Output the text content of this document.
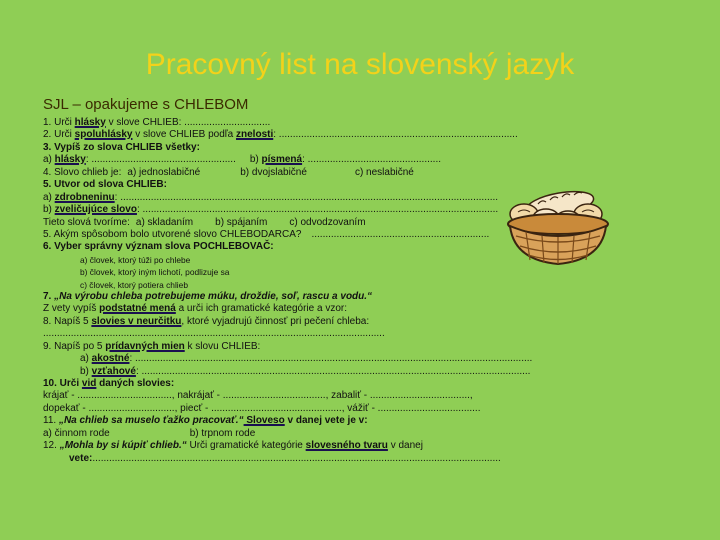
Pracovný list na slovenský jazyk
SJL – opakujeme s CHLEBOM
1. Urči hlásky v slove CHLIEB: ...............................
2. Urči spoluhlásky v slove CHLIEB podľa znelosti: ......................................................................................
3. Vypíš zo slova CHLIEB všetky:
a) hlásky: .................................................... b) písmená: ................................................
4. Slovo chlieb je: a) jednoslabičné	b) dvojslabičné	c) neslabičné
5. Utvor od slova CHLIEB:
a) zdrobneninu: ........................................................................................................................................
b) zveličujúce slovo: ................................................................................................................................
Tieto slová tvoríme: a) skladaním b) spájaním c) odvodzovaním
5. Akým spôsobom bolo utvorené slovo CHLEBODARCA? ................................................................
6. Vyber správny význam slova POCHLEBOVAČ:
a) človek, ktorý túži po chlebe
b) človek, ktorý iným lichotí, podlizuje sa
c) človek, ktorý potiera chlieb
7. „Na výrobu chleba potrebujeme múku, droždie, soľ, rascu a vodu.“
Z vety vypíš podstatné mená a urči ich gramatické kategórie a vzor:
8. Napíš 5 slovies v neurčitku, ktoré vyjadrujú činnosť pri pečení chleba:
...........................................................................................................................
9. Napíš po 5 prídavných mien k slovu CHLIEB:
a) akostné: ...............................................................................................................................................
b) vzťahové: ............................................................................................................................................
10. Urči vid daných slovies:
krájať - .................................., nakrájať - ....................................., zabaliť - ....................................,
dopekať - ..............................., piecť - ..............................................., vážiť - .....................................
11. „Na chlieb sa muselo ťažko pracovať.“ Sloveso v danej vete je v:
a) činnom rode	b) trpnom rode
12. „Mohla by si kúpiť chlieb.“ Urči gramatické kategórie slovesného tvaru v danej
vete:...................................................................................................................................................
